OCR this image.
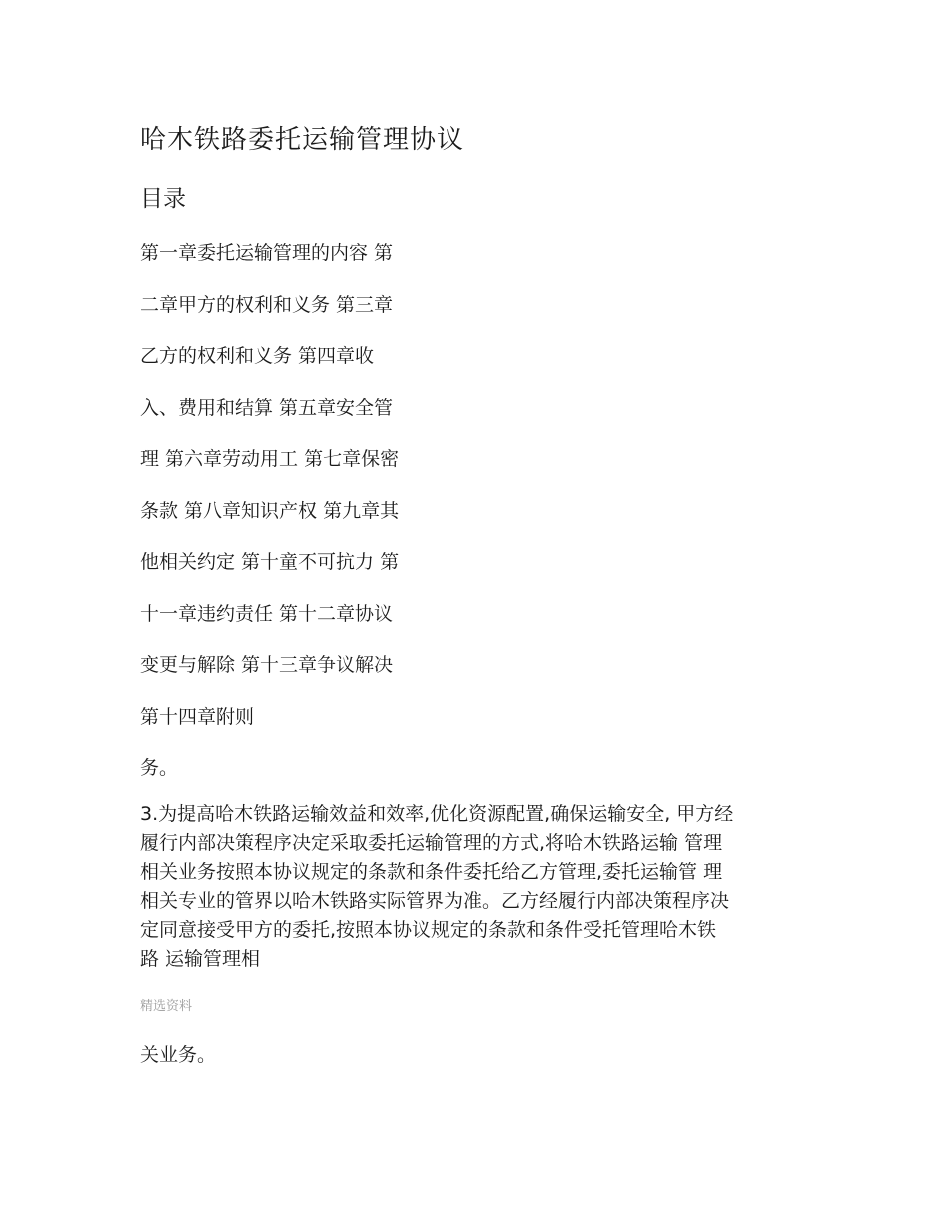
哈木铁路委托运输管理协议
目录
第一章委托运输管理的内容 第
二章甲方的权利和义务 第三章
乙方的权利和义务 第四章收
入、费用和结算 第五章安全管
理 第六章劳动用工 第七章保密
条款 第八章知识产权 第九章其
他相关约定 第十童不可抗力 第
十一章违约责任 第十二章协议
变更与解除 第十三章争议解决
第十四章附则
务。
3.为提高哈木铁路运输效益和效率,优化资源配置,确保运输安全, 甲方经
履行内部决策程序决定采取委托运输管理的方式,将哈木铁路运输 管理
相关业务按照本协议规定的条款和条件委托给乙方管理,委托运输管 理
相关专业的管界以哈木铁路实际管界为准。乙方经履行内部决策程序决
定同意接受甲方的委托,按照本协议规定的条款和条件受托管理哈木铁
路 运输管理相
精选资料
关业务。
